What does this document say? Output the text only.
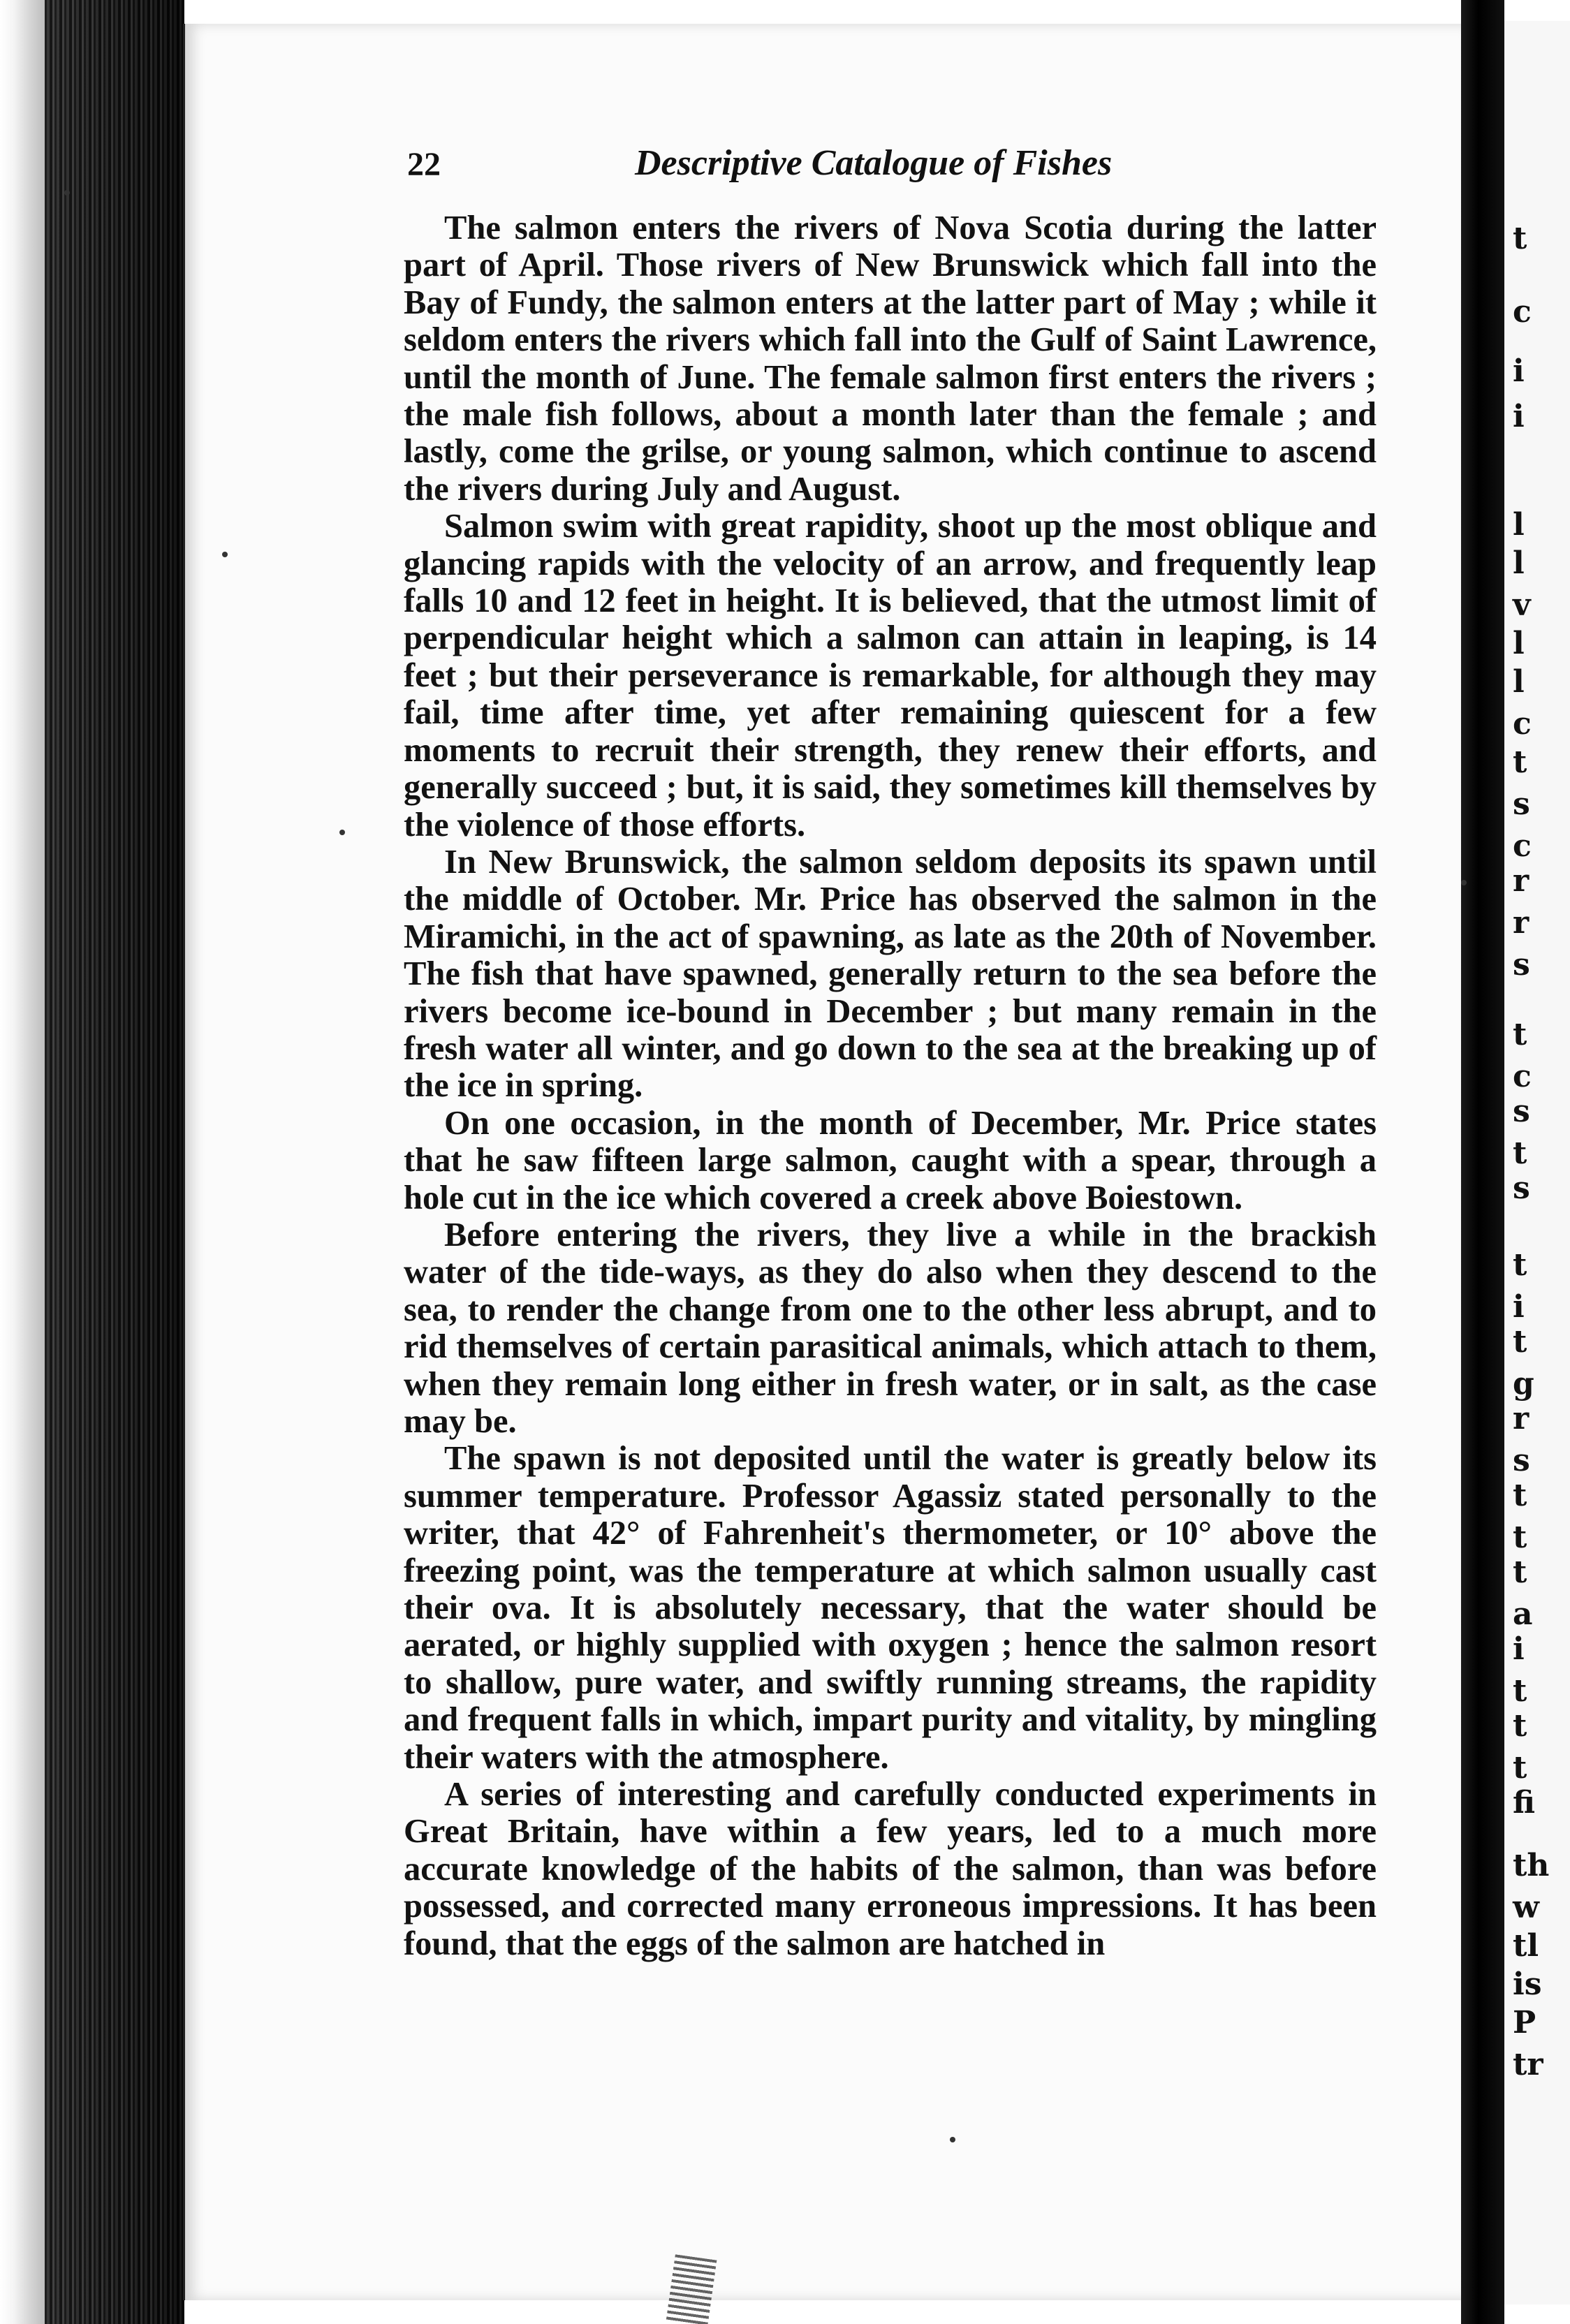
22	Descriptive Catalogue of Fishes

The salmon enters the rivers of Nova Scotia during the latter part of April. Those rivers of New Brunswick which fall into the Bay of Fundy, the salmon enters at the latter part of May ; while it seldom enters the rivers which fall into the Gulf of Saint Lawrence, until the month of June. The female salmon first enters the rivers ; the male fish follows, about a month later than the female ; and lastly, come the grilse, or young salmon, which continue to ascend the rivers during July and August.

Salmon swim with great rapidity, shoot up the most oblique and glancing rapids with the velocity of an arrow, and frequently leap falls 10 and 12 feet in height. It is believed, that the utmost limit of perpendicular height which a salmon can attain in leaping, is 14 feet ; but their perseverance is remarkable, for although they may fail, time after time, yet after remaining quiescent for a few moments to recruit their strength, they renew their efforts, and generally succeed ; but, it is said, they sometimes kill themselves by the violence of those efforts.

In New Brunswick, the salmon seldom deposits its spawn until the middle of October. Mr. Price has observed the salmon in the Miramichi, in the act of spawning, as late as the 20th of November. The fish that have spawned, generally return to the sea before the rivers become ice-bound in December ; but many remain in the fresh water all winter, and go down to the sea at the breaking up of the ice in spring.

On one occasion, in the month of December, Mr. Price states that he saw fifteen large salmon, caught with a spear, through a hole cut in the ice which covered a creek above Boiestown.

Before entering the rivers, they live a while in the brackish water of the tide-ways, as they do also when they descend to the sea, to render the change from one to the other less abrupt, and to rid themselves of certain parasitical animals, which attach to them, when they remain long either in fresh water, or in salt, as the case may be.

The spawn is not deposited until the water is greatly below its summer temperature. Professor Agassiz stated personally to the writer, that 42° of Fahrenheit's thermometer, or 10° above the freezing point, was the temperature at which salmon usually cast their ova. It is absolutely necessary, that the water should be aerated, or highly supplied with oxygen ; hence the salmon resort to shallow, pure water, and swiftly running streams, the rapidity and frequent falls in which, impart purity and vitality, by mingling their waters with the atmosphere.

A series of interesting and carefully conducted experiments in Great Britain, have within a few years, led to a much more accurate knowledge of the habits of the salmon, than was before possessed, and corrected many erroneous impressions. It has been found, that the eggs of the salmon are hatched in

t
c
i
i
l
l
v
l
l
c
t
s
c
r
r
s
t
c
s
t
s
t
i
t
g
r
s
t
t
t
a
i
t
t
t
fi
th
w
tl
is
P
tr
